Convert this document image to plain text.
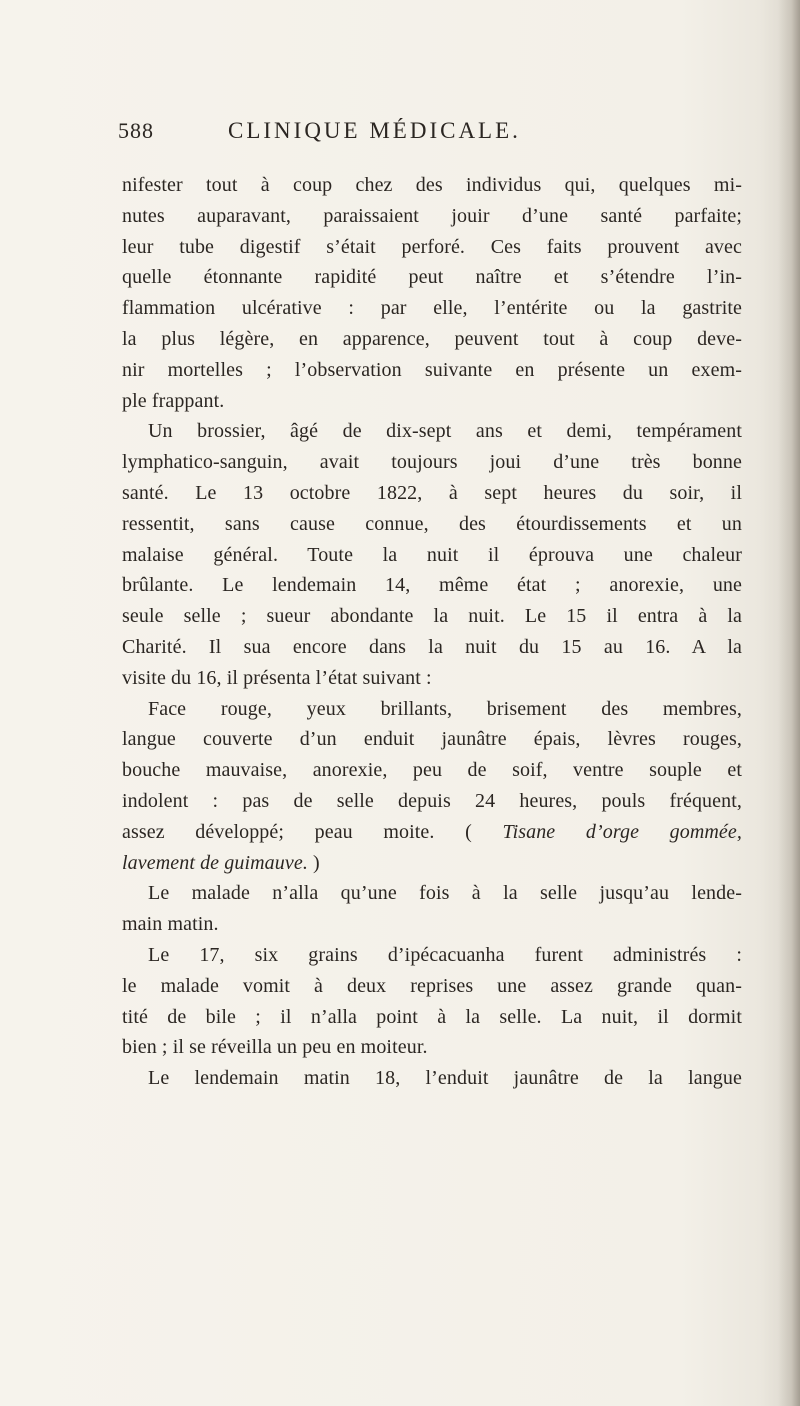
588	CLINIQUE MÉDICALE.
nifester tout à coup chez des individus qui, quelques mi-
nutes auparavant, paraissaient jouir d’une santé parfaite;
leur tube digestif s’était perforé. Ces faits prouvent avec
quelle étonnante rapidité peut naître et s’étendre l’in-
flammation ulcérative : par elle, l’entérite ou la gastrite
la plus légère, en apparence, peuvent tout à coup deve-
nir mortelles ; l’observation suivante en présente un exem-
ple frappant.
Un brossier, âgé de dix-sept ans et demi, tempérament
lymphatico-sanguin, avait toujours joui d’une très bonne
santé. Le 13 octobre 1822, à sept heures du soir, il
ressentit, sans cause connue, des étourdissements et un
malaise général. Toute la nuit il éprouva une chaleur
brûlante. Le lendemain 14, même état ; anorexie, une
seule selle ; sueur abondante la nuit. Le 15 il entra à la
Charité. Il sua encore dans la nuit du 15 au 16. A la
visite du 16, il présenta l’état suivant :
Face rouge, yeux brillants, brisement des membres,
langue couverte d’un enduit jaunâtre épais, lèvres rouges,
bouche mauvaise, anorexie, peu de soif, ventre souple et
indolent : pas de selle depuis 24 heures, pouls fréquent,
assez développé; peau moite. ( Tisane d’orge gommée,
lavement de guimauve. )
Le malade n’alla qu’une fois à la selle jusqu’au lende-
main matin.
Le 17, six grains d’ipécacuanha furent administrés :
le malade vomit à deux reprises une assez grande quan-
tité de bile ; il n’alla point à la selle. La nuit, il dormit
bien ; il se réveilla un peu en moiteur.
Le lendemain matin 18, l’enduit jaunâtre de la langue
